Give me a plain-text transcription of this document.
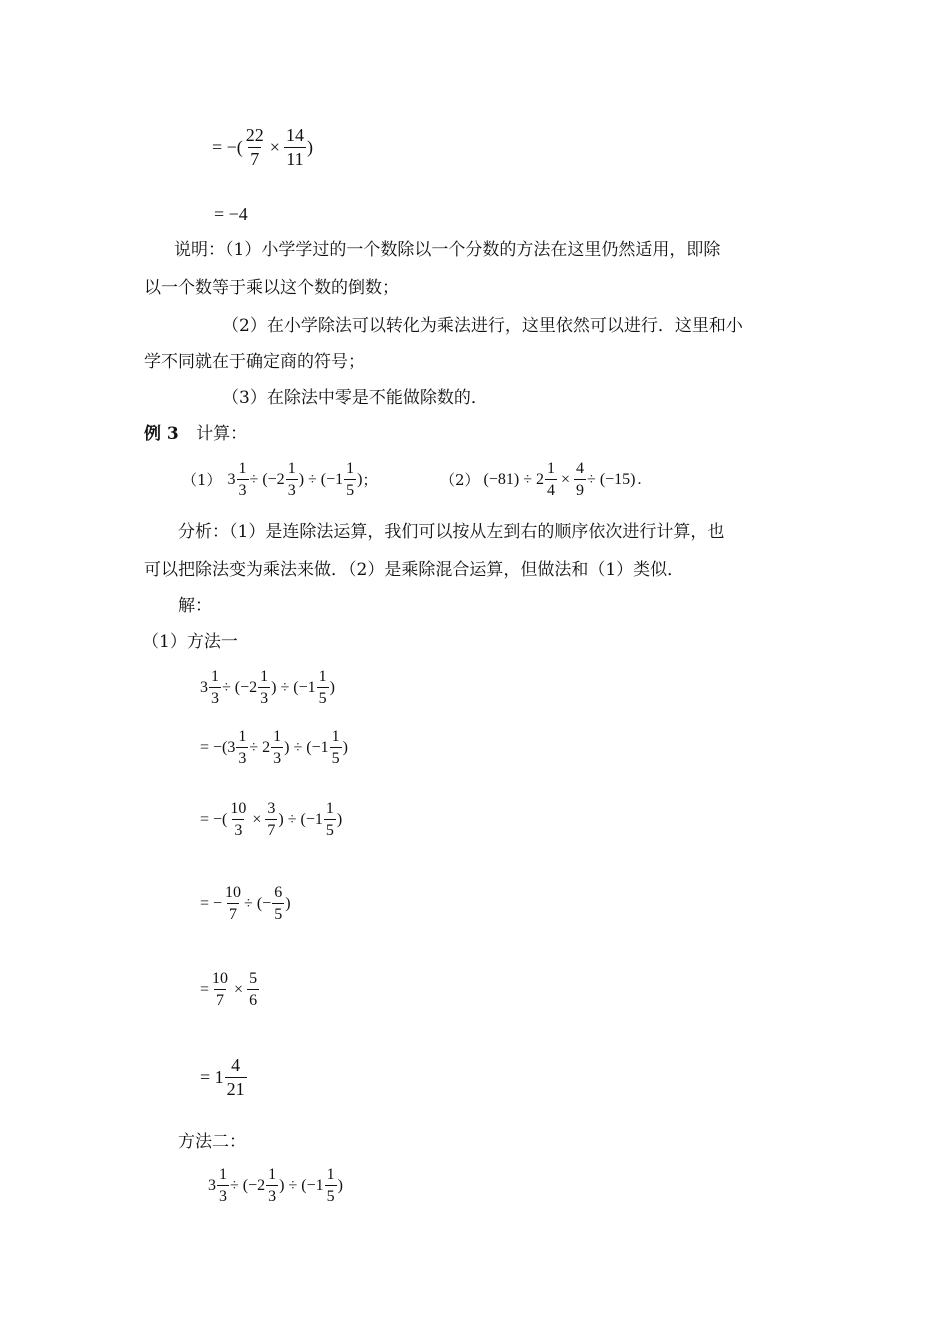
= −( $\frac{22}{7} \times \frac{14}{11}$ )
= −4
说明：（1）小学学过的一个数除以一个分数的方法在这里仍然适用，即除
以一个数等于乘以这个数的倒数；
（2）在小学除法可以转化为乘法进行，这里依然可以进行．这里和小
学不同就在于确定商的符号；
（3）在除法中零是不能做除数的．
例 3 计算：
（1） $3 \frac{1}{3} \div (-2 \frac{1}{3}$ ) ÷ ($-1 \frac{1}{5}$ ) ；	（2） $(-81) \div 2 \frac{1}{4} \times \frac{4}{9} \div (-15)$ .
分析：（1）是连除法运算，我们可以按从左到右的顺序依次进行计算，也
可以把除法变为乘法来做．（2）是乘除混合运算，但做法和（1）类似．
解：
（1）方法一
$3 \frac{1}{3} \div (-2 \frac{1}{3}$ ) ÷ ($-1 \frac{1}{5}$ )
= $-(3 \frac{1}{3} \div 2 \frac{1}{3}$ ) ÷ ($-1 \frac{1}{5}$ )
= −( $\frac{10}{3} \times \frac{3}{7}$ ) ÷ ($-1 \frac{1}{5}$ )
= − $\frac{10}{7}$ ÷ (− $\frac{6}{5}$ )
= $\frac{10}{7} \times \frac{5}{6}$
= $1 \frac{4}{21}$
方法二：
$3 \frac{1}{3} \div (-2 \frac{1}{3}$ ) ÷ ($-1 \frac{1}{5}$ )
